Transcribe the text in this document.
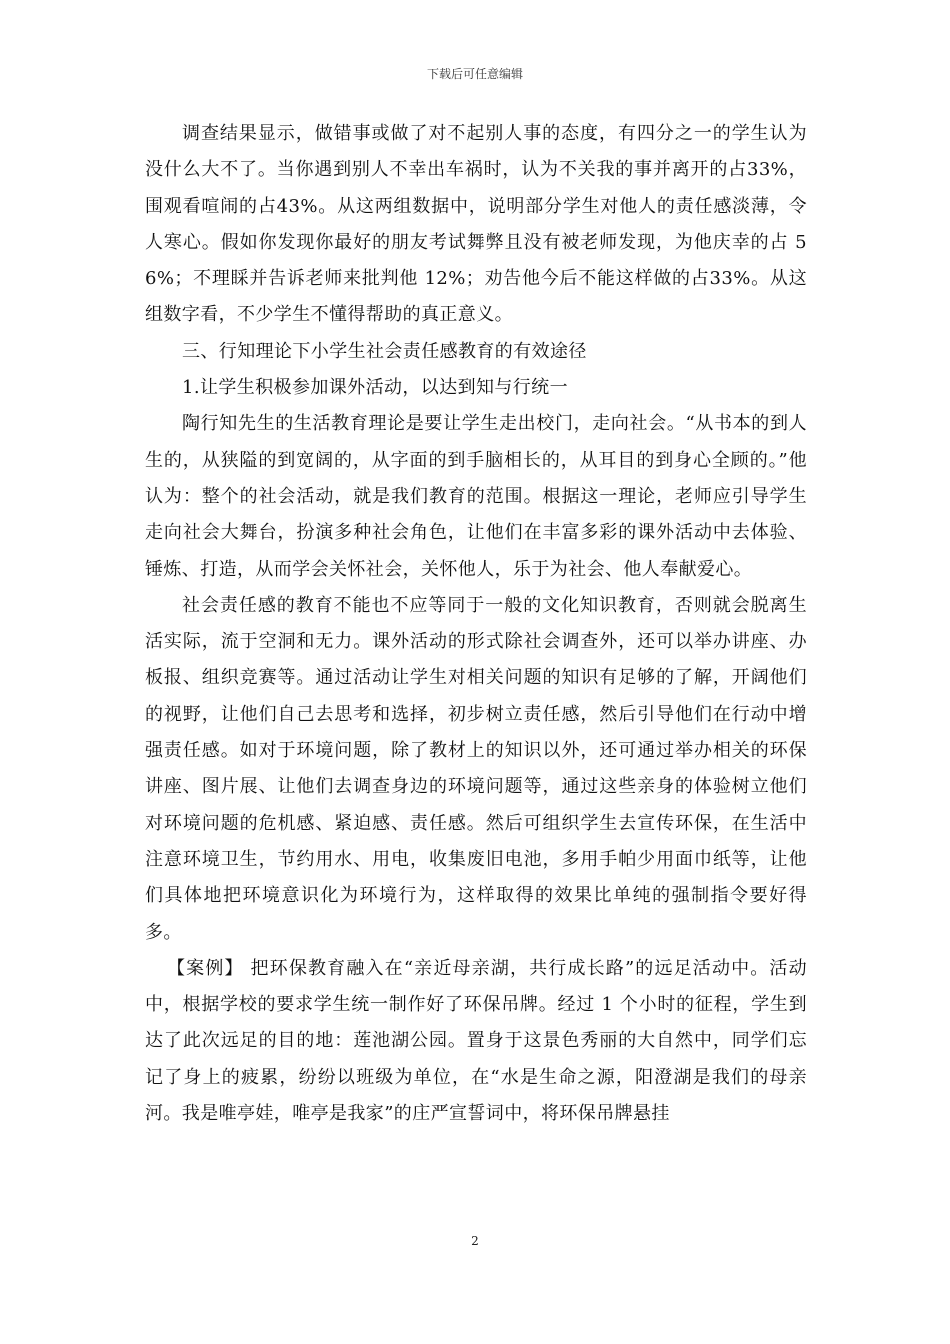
下载后可任意编辑

调查结果显示，做错事或做了对不起别人事的态度，有四分之一的学生认为没什么大不了。当你遇到别人不幸出车祸时，认为不关我的事并离开的占33%，围观看喧闹的占43%。从这两组数据中，说明部分学生对他人的责任感淡薄，令人寒心。假如你发现你最好的朋友考试舞弊且没有被老师发现，为他庆幸的占 56%；不理睬并告诉老师来批判他 12%；劝告他今后不能这样做的占33%。从这组数字看，不少学生不懂得帮助的真正意义。

三、行知理论下小学生社会责任感教育的有效途径

1.让学生积极参加课外活动，以达到知与行统一

陶行知先生的生活教育理论是要让学生走出校门，走向社会。“从书本的到人生的，从狭隘的到宽阔的，从字面的到手脑相长的，从耳目的到身心全顾的。”他认为：整个的社会活动，就是我们教育的范围。根据这一理论，老师应引导学生走向社会大舞台，扮演多种社会角色，让他们在丰富多彩的课外活动中去体验、锤炼、打造，从而学会关怀社会，关怀他人，乐于为社会、他人奉献爱心。

社会责任感的教育不能也不应等同于一般的文化知识教育，否则就会脱离生活实际，流于空洞和无力。课外活动的形式除社会调查外，还可以举办讲座、办板报、组织竞赛等。通过活动让学生对相关问题的知识有足够的了解，开阔他们的视野，让他们自己去思考和选择，初步树立责任感，然后引导他们在行动中增强责任感。如对于环境问题，除了教材上的知识以外，还可通过举办相关的环保讲座、图片展、让他们去调查身边的环境问题等，通过这些亲身的体验树立他们对环境问题的危机感、紧迫感、责任感。然后可组织学生去宣传环保，在生活中注意环境卫生，节约用水、用电，收集废旧电池，多用手帕少用面巾纸等，让他们具体地把环境意识化为环境行为，这样取得的效果比单纯的强制指令要好得多。

【案例】 把环保教育融入在“亲近母亲湖，共行成长路”的远足活动中。活动中，根据学校的要求学生统一制作好了环保吊牌。经过 1 个小时的征程，学生到达了此次远足的目的地：莲池湖公园。置身于这景色秀丽的大自然中，同学们忘记了身上的疲累，纷纷以班级为单位，在“水是生命之源，阳澄湖是我们的母亲河。我是唯亭娃，唯亭是我家”的庄严宣誓词中，将环保吊牌悬挂

2
